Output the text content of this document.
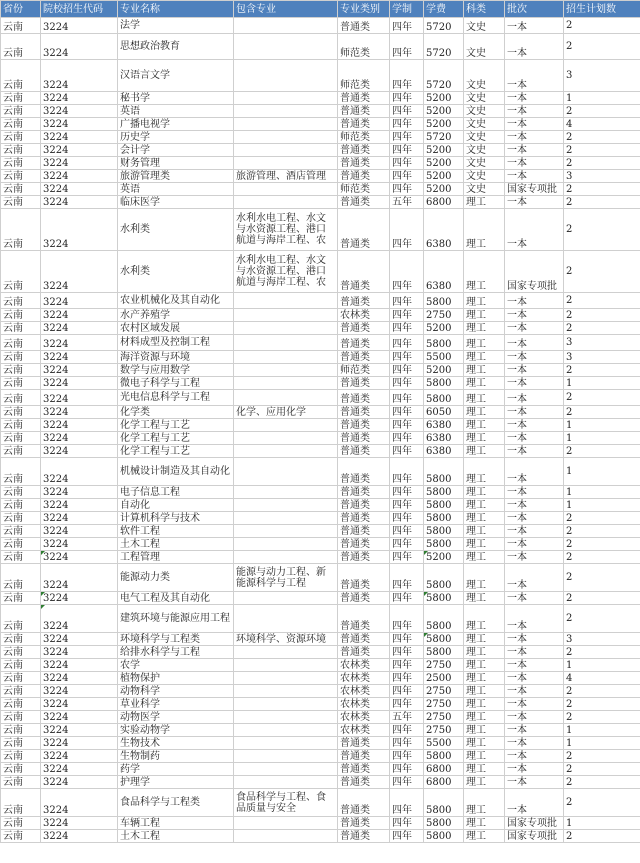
省份	院校招生代码	专业名称	包含专业	专业类别	学制	学费	科类	批次	招生计划数
云南	3224	法学		普通类	四年	5720	文史	一本	2
云南	3224	思想政治教育		师范类	四年	5720	文史	一本	2
云南	3224	汉语言文学		师范类	四年	5720	文史	一本	3
云南	3224	秘书学		普通类	四年	5200	文史	一本	1
云南	3224	英语		普通类	四年	5200	文史	一本	2
云南	3224	广播电视学		普通类	四年	5200	文史	一本	4
云南	3224	历史学		师范类	四年	5720	文史	一本	2
云南	3224	会计学		普通类	四年	5200	文史	一本	2
云南	3224	财务管理		普通类	四年	5200	文史	一本	2
云南	3224	旅游管理类	旅游管理、酒店管理	普通类	四年	5200	文史	一本	3
云南	3224	英语		师范类	四年	5200	文史	国家专项批	2
云南	3224	临床医学		普通类	五年	6800	理工	一本	2
云南	3224	水利类	水利水电工程、水文与水资源工程、港口航道与海岸工程、农	普通类	四年	6380	理工	一本	2
云南	3224	水利类	水利水电工程、水文与水资源工程、港口航道与海岸工程、农	普通类	四年	6380	理工	国家专项批	2
云南	3224	农业机械化及其自动化		普通类	四年	5800	理工	一本	2
云南	3224	水产养殖学		农林类	四年	2750	理工	一本	2
云南	3224	农村区域发展		普通类	四年	5200	理工	一本	2
云南	3224	材料成型及控制工程		普通类	四年	5800	理工	一本	3
云南	3224	海洋资源与环境		普通类	四年	5500	理工	一本	3
云南	3224	数学与应用数学		师范类	四年	5200	理工	一本	2
云南	3224	微电子科学与工程		普通类	四年	5800	理工	一本	1
云南	3224	光电信息科学与工程		普通类	四年	5800	理工	一本	2
云南	3224	化学类	化学、应用化学	普通类	四年	6050	理工	一本	2
云南	3224	化学工程与工艺		普通类	四年	6380	理工	一本	1
云南	3224	化学工程与工艺		普通类	四年	6380	理工	一本	1
云南	3224	化学工程与工艺		普通类	四年	6380	理工	一本	2
云南	3224	机械设计制造及其自动化		普通类	四年	5800	理工	一本	1
云南	3224	电子信息工程		普通类	四年	5800	理工	一本	1
云南	3224	自动化		普通类	四年	5800	理工	一本	1
云南	3224	计算机科学与技术		普通类	四年	5800	理工	一本	2
云南	3224	软件工程		普通类	四年	5800	理工	一本	2
云南	3224	土木工程		普通类	四年	5800	理工	一本	2
云南	3224	工程管理		普通类	四年	5200	理工	一本	2
云南	3224	能源动力类	能源与动力工程、新能源科学与工程	普通类	四年	5800	理工	一本	2
云南	3224	电气工程及其自动化		普通类	四年	5800	理工	一本	2
云南	3224	建筑环境与能源应用工程		普通类	四年	5800	理工	一本	2
云南	3224	环境科学与工程类	环境科学、资源环境	普通类	四年	5800	理工	一本	3
云南	3224	给排水科学与工程		普通类	四年	5800	理工	一本	2
云南	3224	农学		农林类	四年	2750	理工	一本	1
云南	3224	植物保护		农林类	四年	2500	理工	一本	4
云南	3224	动物科学		农林类	四年	2750	理工	一本	2
云南	3224	草业科学		农林类	四年	2750	理工	一本	2
云南	3224	动物医学		农林类	五年	2750	理工	一本	2
云南	3224	实验动物学		农林类	四年	2750	理工	一本	1
云南	3224	生物技术		普通类	四年	5500	理工	一本	1
云南	3224	生物制药		普通类	四年	5800	理工	一本	2
云南	3224	药学		普通类	四年	6800	理工	一本	2
云南	3224	护理学		普通类	四年	6800	理工	一本	2
云南	3224	食品科学与工程类	食品科学与工程、食品质量与安全	普通类	四年	5800	理工	一本	2
云南	3224	车辆工程		普通类	四年	5800	理工	国家专项批	1
云南	3224	土木工程		普通类	四年	5800	理工	国家专项批	2
